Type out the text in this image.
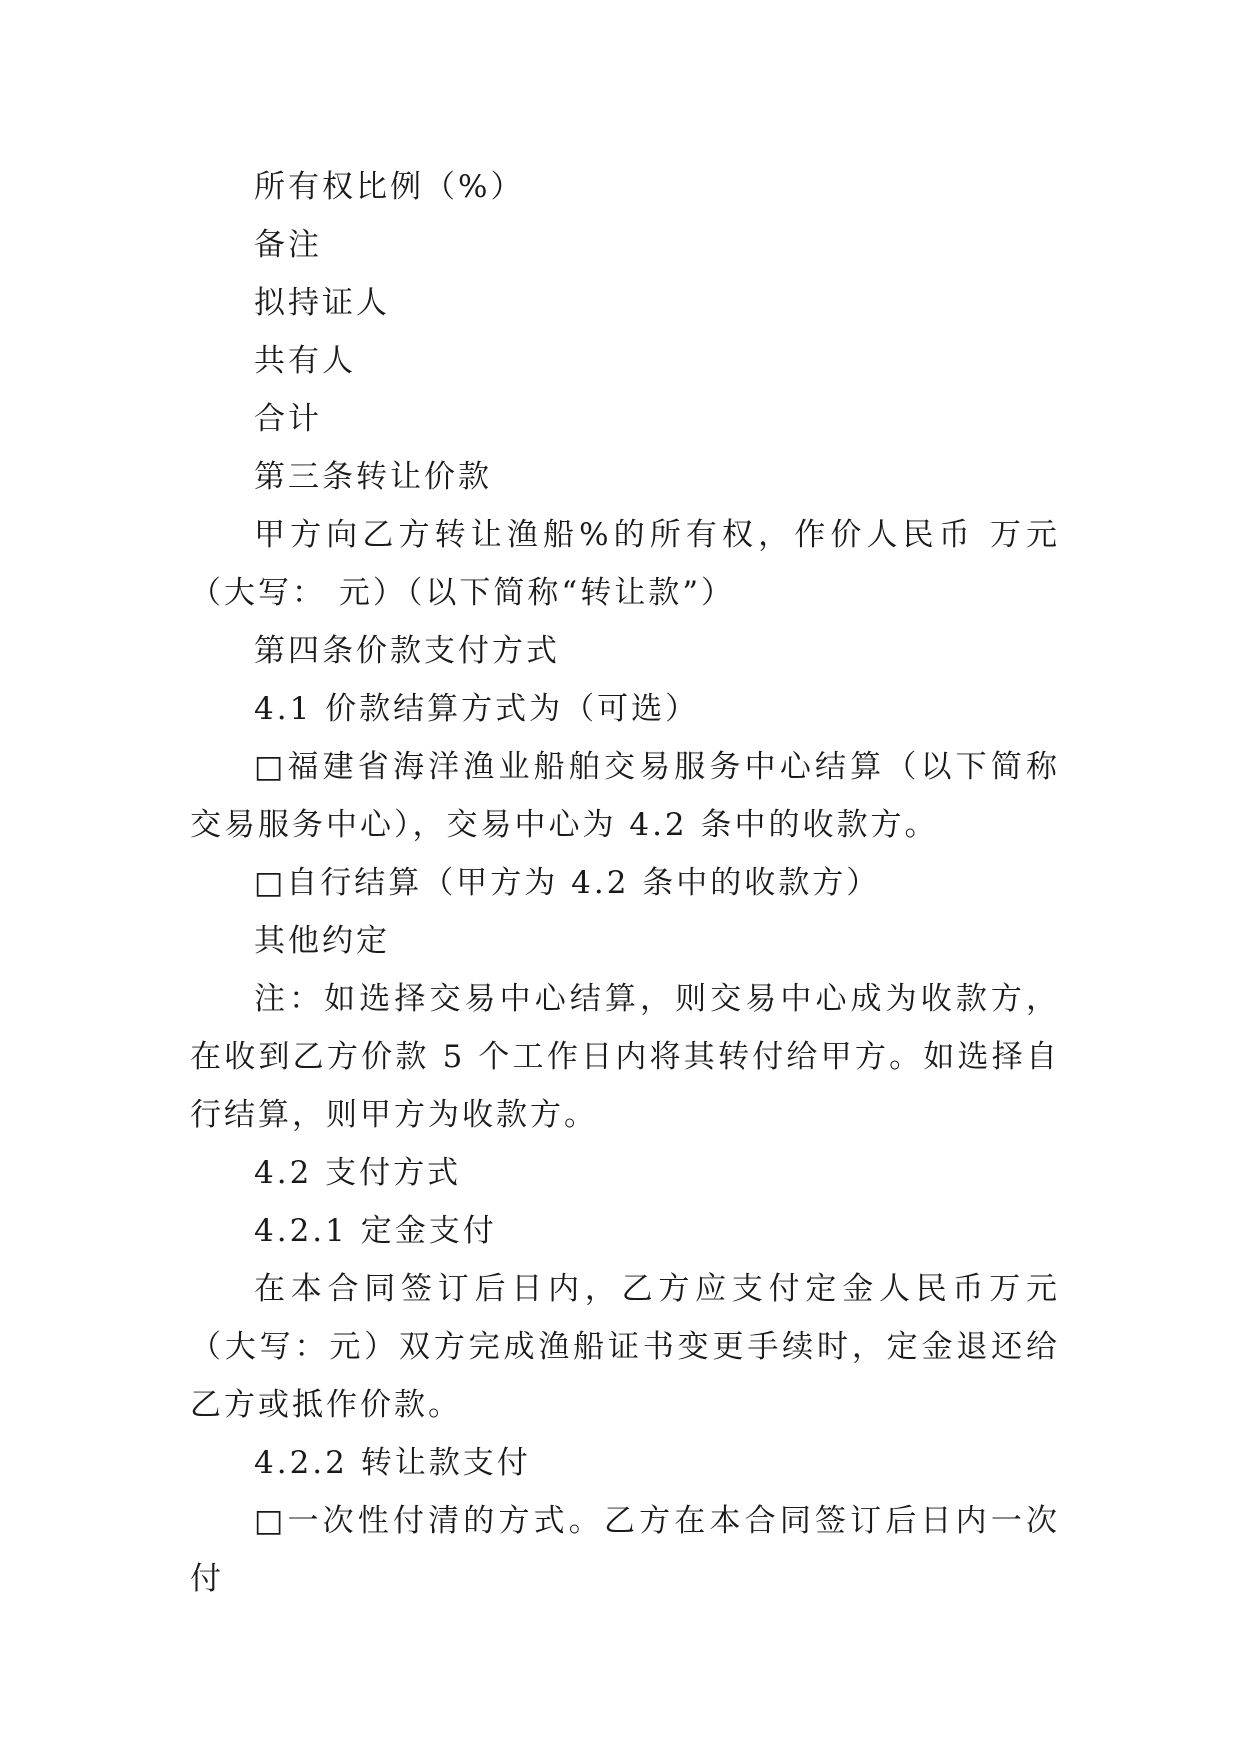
所有权比例（%）

备注

拟持证人

共有人

合计

第三条转让价款

甲方向乙方转让渔船%的所有权，作价人民币 万元（大写： 元）（以下简称“转让款”）

第四条价款支付方式

4.1 价款结算方式为（可选）

□福建省海洋渔业船舶交易服务中心结算（以下简称交易服务中心），交易中心为 4.2 条中的收款方。

□自行结算（甲方为 4.2 条中的收款方）

其他约定

注：如选择交易中心结算，则交易中心成为收款方，在收到乙方价款 5 个工作日内将其转付给甲方。如选择自行结算，则甲方为收款方。

4.2 支付方式

4.2.1 定金支付

在本合同签订后日内，乙方应支付定金人民币万元（大写：元）双方完成渔船证书变更手续时，定金退还给乙方或抵作价款。

4.2.2 转让款支付

□一次性付清的方式。乙方在本合同签订后日内一次付
